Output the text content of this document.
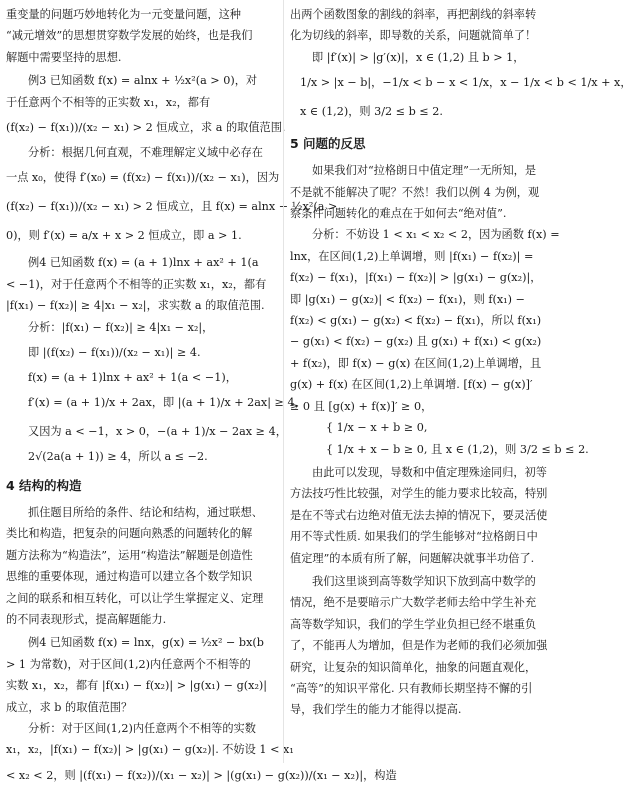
重变量的问题巧妙地转化为一元变量问题，这种
“减元增效”的思想贯穿数学发展的始终，也是我们
解题中需要坚持的思想.
例3 已知函数 f(x) = alnx + ½x²(a > 0)，对
于任意两个不相等的正实数 x₁，x₂，都有
(f(x₂) − f(x₁))/(x₂ − x₁) > 2 恒成立，求 a 的取值范围.
分析：根据几何直观，不难理解定义域中必存在
一点 x₀，使得 f′(x₀) = (f(x₂) − f(x₁))/(x₂ − x₁)，因为
(f(x₂) − f(x₁))/(x₂ − x₁) > 2 恒成立，且 f(x) = alnx + ½x²(a >
0)，则 f′(x) = a/x + x > 2 恒成立，即 a > 1.
例4 已知函数 f(x) = (a + 1)lnx + ax² + 1(a
< −1)，对于任意两个不相等的正实数 x₁，x₂，都有
|f(x₁) − f(x₂)| ≥ 4|x₁ − x₂|，求实数 a 的取值范围.
分析：|f(x₁) − f(x₂)| ≥ 4|x₁ − x₂|，
即 |(f(x₂) − f(x₁))/(x₂ − x₁)| ≥ 4.
f(x) = (a + 1)lnx + ax² + 1(a < −1)，
f′(x) = (a + 1)/x + 2ax，即 |(a + 1)/x + 2ax| ≥ 4，
又因为 a < −1，x > 0，−(a + 1)/x − 2ax ≥ 4，
2√(2a(a + 1)) ≥ 4，所以 a ≤ −2.
4 结构的构造
抓住题目所给的条件、结论和结构，通过联想、
类比和构造，把复杂的问题向熟悉的问题转化的解
题方法称为“构造法”，运用“构造法”解题是创造性
思维的重要体现，通过构造可以建立各个数学知识
之间的联系和相互转化，可以让学生掌握定义、定理
的不同表现形式，提高解题能力.
例4 已知函数 f(x) = lnx，g(x) = ½x² − bx(b
> 1 为常数)，对于区间(1,2)内任意两个不相等的
实数 x₁，x₂，都有 |f(x₁) − f(x₂)| > |g(x₁) − g(x₂)|
成立，求 b 的取值范围？
分析：对于区间(1,2)内任意两个不相等的实数
x₁，x₂，|f(x₁) − f(x₂)| > |g(x₁) − g(x₂)|. 不妨设 1 < x₁
< x₂ < 2，则 |(f(x₁) − f(x₂))/(x₁ − x₂)| > |(g(x₁) − g(x₂))/(x₁ − x₂)|，构造
出两个函数图象的割线的斜率，再把割线的斜率转
化为切线的斜率，即导数的关系，问题就简单了！
即 |f′(x)| > |g′(x)|，x ∈ (1,2) 且 b > 1，
1/x > |x − b|，−1/x < b − x < 1/x，x − 1/x < b < 1/x + x，
x ∈ (1,2)，则 3/2 ≤ b ≤ 2.
5 问题的反思
如果我们对“拉格朗日中值定理”一无所知，是
不是就不能解决了呢？不然！我们以例 4 为例，观
察条件问题转化的难点在于如何去“绝对值”.
分析：不妨设 1 < x₁ < x₂ < 2，因为函数 f(x) =
lnx，在区间(1,2)上单调增，则 |f(x₁) − f(x₂)| =
f(x₂) − f(x₁)，|f(x₁) − f(x₂)| > |g(x₁) − g(x₂)|，
即 |g(x₁) − g(x₂)| < f(x₂) − f(x₁)，则 f(x₁) −
f(x₂) < g(x₁) − g(x₂) < f(x₂) − f(x₁)，所以 f(x₁)
− g(x₁) < f(x₂) − g(x₂) 且 g(x₁) + f(x₁) < g(x₂)
+ f(x₂)，即 f(x) − g(x) 在区间(1,2)上单调增，且
g(x) + f(x) 在区间(1,2)上单调增. [f(x) − g(x)]′
≥ 0 且 [g(x) + f(x)]′ ≥ 0，
{ 1/x − x + b ≥ 0,
{ 1/x + x − b ≥ 0, 且 x ∈ (1,2)，则 3/2 ≤ b ≤ 2.
由此可以发现，导数和中值定理殊途同归，初等
方法技巧性比较强，对学生的能力要求比较高，特别
是在不等式右边绝对值无法去掉的情况下，要灵活使
用不等式性质. 如果我们的学生能够对“拉格朗日中
值定理”的本质有所了解，问题解决就事半功倍了.
我们这里谈到高等数学知识下放到高中数学的
情况，绝不是要暗示广大数学老师去给中学生补充
高等数学知识，我们的学生学业负担已经不堪重负
了，不能再人为增加，但是作为老师的我们必须加强
研究，让复杂的知识简单化，抽象的问题直观化，
“高等”的知识平常化. 只有教师长期坚持不懈的引
导，我们学生的能力才能得以提高.
